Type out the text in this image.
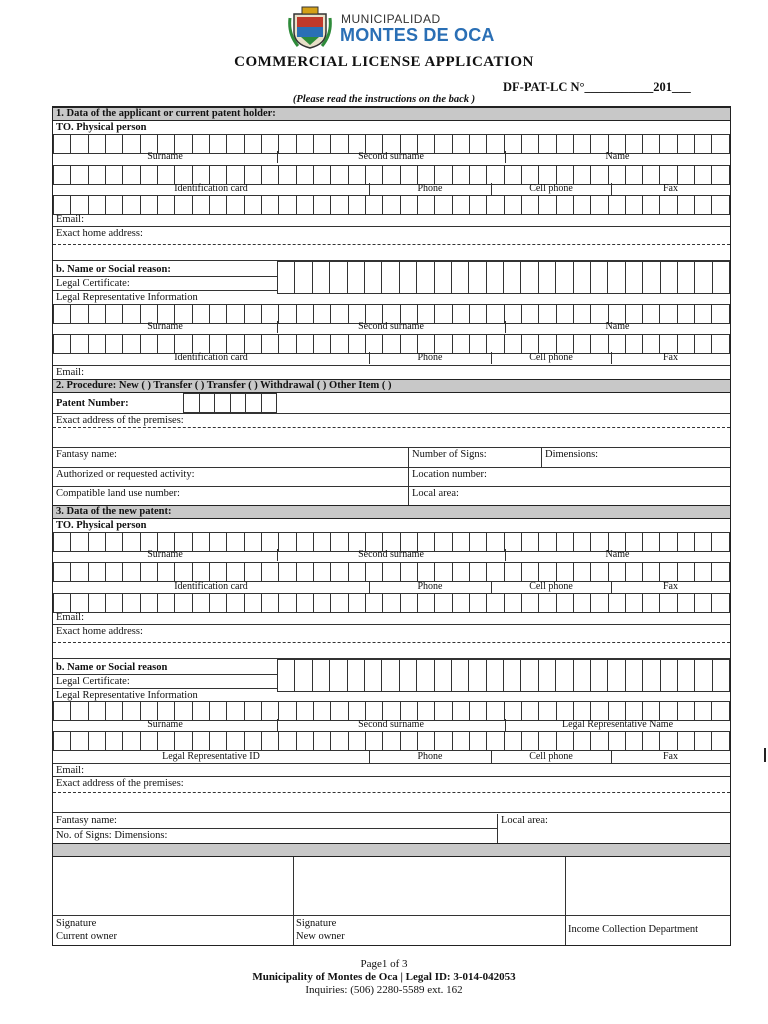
MUNICIPALIDAD
MONTES DE OCA
COMMERCIAL LICENSE APPLICATION
DF-PAT-LC N°___________201___
(Please read the instructions on the back )
1. Data of the applicant or current patent holder:
TO. Physical person
Surname	Second surname	Name
Identification card	Phone	Cell phone	Fax
Email:
Exact home address:
b. Name or Social reason:
Legal Certificate:
Legal Representative Information
Surname	Second surname	Name
Identification card	Phone	Cell phone	Fax
Email:
2. Procedure: New ( ) Transfer ( ) Transfer ( ) Withdrawal ( ) Other Item ( )
Patent Number:
Exact address of the premises:
Fantasy name:	Number of Signs:	Dimensions:
Authorized or requested activity:	Location number:
Compatible land use number:	Local area:
3. Data of the new patent:
TO. Physical person
Surname	Second surname	Name
Identification card	Phone	Cell phone	Fax
Email:
Exact home address:
b. Name or Social reason
Legal Certificate:
Legal Representative Information
Surname	Second surname	Legal Representative Name
Legal Representative ID	Phone	Cell phone	Fax
Email:
Exact address of the premises:
Fantasy name:	Local area:
No. of Signs: Dimensions:
Signature
Current owner
Signature
New owner
Income Collection Department
Page1 of 3
Municipality of Montes de Oca | Legal ID: 3-014-042053
Inquiries: (506) 2280-5589 ext. 162
